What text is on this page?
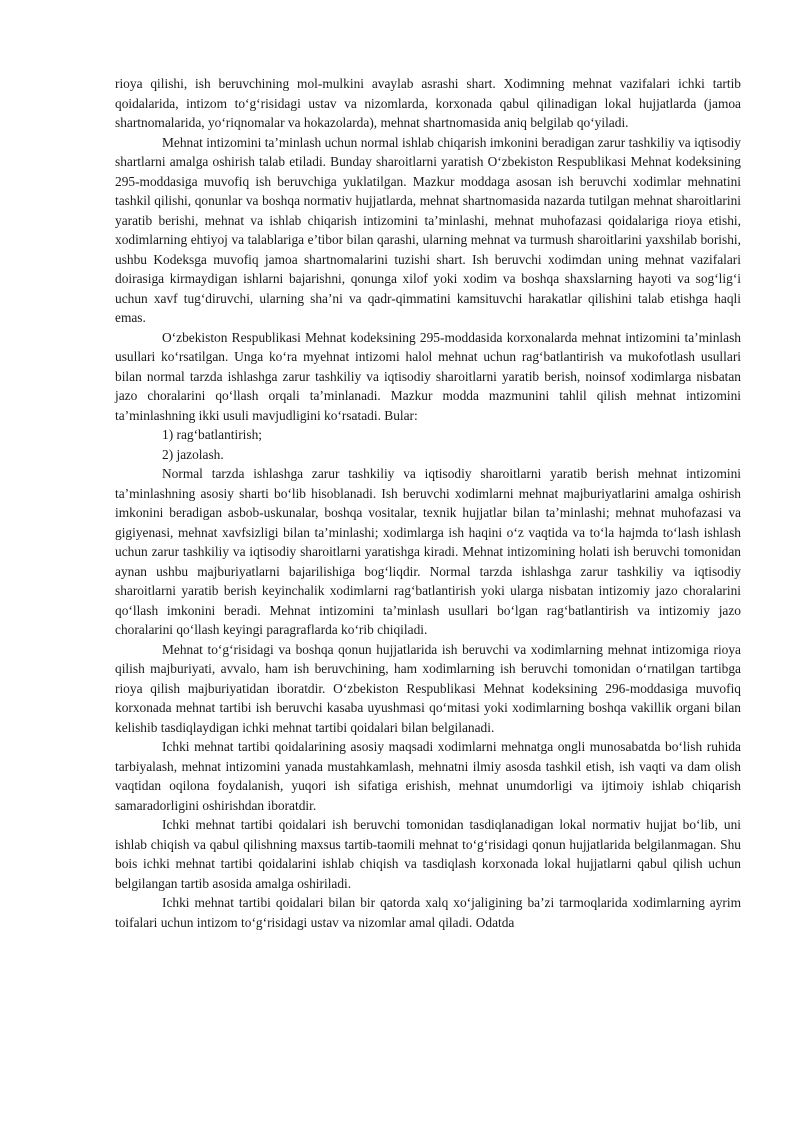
rioya qilishi, ish beruvchining mol-mulkini avaylab asrashi shart. Xodimning mehnat vazifalari ichki tartib qoidalarida, intizom to‘g‘risidagi ustav va nizomlarda, korxonada qabul qilinadigan lokal hujjatlarda (jamoa shartnomalarida, yo‘riqnomalar va hokazolarda), mehnat shartnomasida aniq belgilab qo‘yiladi.

Mehnat intizomini ta’minlash uchun normal ishlab chiqarish imkonini beradigan zarur tashkiliy va iqtisodiy shartlarni amalga oshirish talab etiladi. Bunday sharoitlarni yaratish O‘zbekiston Respublikasi Mehnat kodeksining 295-moddasiga muvofiq ish beruvchiga yuklatilgan. Mazkur moddaga asosan ish beruvchi xodimlar mehnatini tashkil qilishi, qonunlar va boshqa normativ hujjatlarda, mehnat shartnomasida nazarda tutilgan mehnat sharoitlarini yaratib berishi, mehnat va ishlab chiqarish intizomini ta’minlashi, mehnat muhofazasi qoidalariga rioya etishi, xodimlarning ehtiyoj va talablariga e’tibor bilan qarashi, ularning mehnat va turmush sharoitlarini yaxshilab borishi, ushbu Kodeksga muvofiq jamoa shartnomalarini tuzishi shart. Ish beruvchi xodimdan uning mehnat vazifalari doirasiga kirmaydigan ishlarni bajarishni, qonunga xilof yoki xodim va boshqa shaxslarning hayoti va sog‘lig‘i uchun xavf tug‘diruvchi, ularning sha’ni va qadr-qimmatini kamsituvchi harakatlar qilishini talab etishga haqli emas.

O‘zbekiston Respublikasi Mehnat kodeksining 295-moddasida korxonalarda mehnat intizomini ta’minlash usullari ko‘rsatilgan. Unga ko‘ra myehnat intizomi halol mehnat uchun rag‘batlantirish va mukofotlash usullari bilan normal tarzda ishlashga zarur tashkiliy va iqtisodiy sharoitlarni yaratib berish, noinsof xodimlarga nisbatan jazo choralarini qo‘llash orqali ta’minlanadi. Mazkur modda mazmunini tahlil qilish mehnat intizomini ta’minlashning ikki usuli mavjudligini ko‘rsatadi. Bular:

1) rag‘batlantirish;

2) jazolash.

Normal tarzda ishlashga zarur tashkiliy va iqtisodiy sharoitlarni yaratib berish mehnat intizomini ta’minlashning asosiy sharti bo‘lib hisoblanadi. Ish beruvchi xodimlarni mehnat majburiyatlarini amalga oshirish imkonini beradigan asbob-uskunalar, boshqa vositalar, texnik hujjatlar bilan ta’minlashi; mehnat muhofazasi va gigiyenasi, mehnat xavfsizligi bilan ta’minlashi; xodimlarga ish haqini o‘z vaqtida va to‘la hajmda to‘lash ishlash uchun zarur tashkiliy va iqtisodiy sharoitlarni yaratishga kiradi. Mehnat intizomining holati ish beruvchi tomonidan aynan ushbu majburiyatlarni bajarilishiga bog‘liqdir. Normal tarzda ishlashga zarur tashkiliy va iqtisodiy sharoitlarni yaratib berish keyinchalik xodimlarni rag‘batlantirish yoki ularga nisbatan intizomiy jazo choralarini qo‘llash imkonini beradi. Mehnat intizomini ta’minlash usullari bo‘lgan rag‘batlantirish va intizomiy jazo choralarini qo‘llash keyingi paragraflarda ko‘rib chiqiladi.

Mehnat to‘g‘risidagi va boshqa qonun hujjatlarida ish beruvchi va xodimlarning mehnat intizomiga rioya qilish majburiyati, avvalo, ham ish beruvchining, ham xodimlarning ish beruvchi tomonidan o‘rnatilgan tartibga rioya qilish majburiyatidan iboratdir. O‘zbekiston Respublikasi Mehnat kodeksining 296-moddasiga muvofiq korxonada mehnat tartibi ish beruvchi kasaba uyushmasi qo‘mitasi yoki xodimlarning boshqa vakillik organi bilan kelishib tasdiqlaydigan ichki mehnat tartibi qoidalari bilan belgilanadi.

Ichki mehnat tartibi qoidalarining asosiy maqsadi xodimlarni mehnatga ongli munosabatda bo‘lish ruhida tarbiyalash, mehnat intizomini yanada mustahkamlash, mehnatni ilmiy asosda tashkil etish, ish vaqti va dam olish vaqtidan oqilona foydalanish, yuqori ish sifatiga erishish, mehnat unumdorligi va ijtimoiy ishlab chiqarish samaradorligini oshirishdan iboratdir.

Ichki mehnat tartibi qoidalari ish beruvchi tomonidan tasdiqlanadigan lokal normativ hujjat bo‘lib, uni ishlab chiqish va qabul qilishning maxsus tartib-taomili mehnat to‘g‘risidagi qonun hujjatlarida belgilanmagan. Shu bois ichki mehnat tartibi qoidalarini ishlab chiqish va tasdiqlash korxonada lokal hujjatlarni qabul qilish uchun belgilangan tartib asosida amalga oshiriladi.

Ichki mehnat tartibi qoidalari bilan bir qatorda xalq xo‘jaligining ba’zi tarmoqlarida xodimlarning ayrim toifalari uchun intizom to‘g‘risidagi ustav va nizomlar amal qiladi. Odatda
